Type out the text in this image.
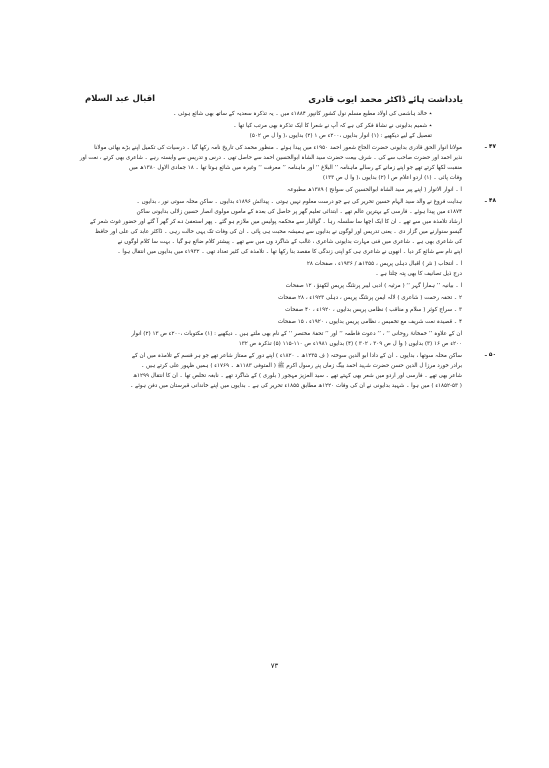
یادداشت ہائے ڈاکٹر محمد ایوب قادری
اقبال عبد السلام
٭ خالد ہاشمی کی اولاد مطبع مسلم نول کشور کانپور ۱۸۸۴ء میں ۔ یہ تذکرہ سعدیہ کے ساتھ بھی شائع ہوئی ۔
٭ شمیم بدایونی نے نشاۃ فکر کی ہے کہ آپ نے شعرا کا ایک تذکرہ بھی مرتب کیا تھا ۔
تفصیل کے لیے دیکھیے : (۱) انوار بدایوں ،۲۰۰ء ص ۱ (۲) بدایوں ،( وا ل ص ۵۰۲)
مولانا انوار الحق قادری بدایونی حضرت الحاج شعور احمد ۱۹۵۰ء میں پیدا ہوئے ۔ منظور محمد کی تاریخ نامہ رکھا گیا ۔ درسیات کی تکمیل اپنے بڑے بھائی مولانا	۴۷ ـ
نذیر احمد اور حضرت صاحب سے کی ۔ شرف بیعت حضرت سید الشاہ ابوالحسین احمد سے حاصل تھی ۔ درس و تدریس سے وابستہ رہے ۔ شاعری بھی کرتے ، نعت اور
منقبت لکھا کرتے تھے جو اپنے زمانے کے رسالے ماہنامہ ’’ البلاغ ‘‘ اور ماہنامہ ’’ معرفت ‘‘ وغیرہ میں شائع ہوتا تھا ۔ ۱۸ جمادی الاول ۱۳۸۰ھ میں
وفات پائی ۔ (۱) اردو اعلام ص ا (۲) بدایوں ،( وا ل ص ۱۳۳)
ا ۔ انوار الانوار ( اپنے پیر سید الشاہ ابوالحسین کی سوانح ) ۱۳۸۹ھ مطبوعہ
ہدایت فروغ نے والد سید الہام حسین تحریر کی ہے جو درست معلوم نہیں ہوتی ۔ پیدائش ۱۸۹۶ء بدایوں ۔ ساکن محلہ سوتی نور ، بدایوں ۔	۴۸ ـ
۱۸۷۴ء میں پیدا ہوئے ۔ فارسی کے بہترین عالم تھے ۔ ابتدائی تعلیم گھر پر حاصل کی بعدہ کے ماموں مولوی انصار حسین زلالی بدایونی ساکن
ارشاد تلامذہ میں سے تھے ۔ ان کا ایک اچھا سا سلسلہ رہا ۔ گوالیار سے محکمہ پولیس میں ملازم ہو گئے ۔ پھر استعفیٰ دے کر گھر آ گئے اور حضور غوث شعر کے
گیسو سنوارنے میں گزار دی ۔ یعنی تدریس اور لوگوں نے بدایوں سے ہمیشہ محبت ہی پائی ۔ ان کی وفات تک یہی حالت رہی ۔ ڈاکٹر عابد کی علی اور حافظ
کی شاعری بھی ہے ۔ شاعری میں فنی مہارت بدایونی شاعری ، غالب کے شاگرد وں میں سے تھے ۔ پیشتر کلام ضائع ہو گیا ۔ بہت سا کلام لوگوں نے
اپنے نام سے شائع کر دیا ۔ انھوں نے شاعری ہی کو اپنی زندگی کا مقصد بنا رکھا تھا ۔ تلامذہ کی کثیر تعداد تھی ۔ ۱۹۳۲ء میں بدایوں میں انتقال ہوا ۔
ا ۔ انتخاب ( نثر ) اقبال دہلی پریس ، ۱۳۵۵ھ / ۱۹۳۶ء ، صفحات ۲۸
درج ذیل تصانیف کا بھی پتہ چلتا ہے ۔
ا ۔ بیانیہ ’’ ہمارا گہر ‘‘ ( مرثیہ ) ادبی لیبر پرنٹنگ پریس لکھنؤ ، ۱۲ صفحات
۲ ۔ تحفہ رحمت ( شاعری ) لالہ ایمن پرنٹنگ پریس ، دہلی ۱۹۲۳ء ، ۲۸ صفحات
۳ ۔ سراج کوثر ( سلام و مناقب ) نظامی پریس بدایوں ، ۱۹۲۰ء ، ۴۰ صفحات
۴ ۔ قصیدہ نعت شریف مع تخمیس ، نظامی پریس بدایوں ، ۱۹۲۰ء ، ۱۵ صفحات
ان کے علاوہ ’’ خمخانۂ روحانی ‘‘ ، ’’ دعوت فاطمہ ‘‘ اور ’’ تحفۂ مختصر ‘‘ کے نام بھی ملتے ہیں ۔ دیکھیے : (۱) مکتوبات ،۲۰۰ء ص ۱۳ (۲) انوار
۲۰۰ء ص ۱۶ (۳) بدایوں ( وا ل ص ۳۰۹ ، ۳۰۲ ) (۴) بدایوں ۱۹۸۱ء ص ۱۱۰-۱۱۵ (۵) تذکرہ ص ۱۳۲
ساکن محلہ سوتھا ، بدایوں ۔ ان کے دادا ابو الدین سوختہ ( ف ۱۲۳۵ھ ۔ ۱۸۲۰ء ) اپنے دور کے ممتاز شاعر تھے جو ہر قسم کے تلامذہ میں ان کے	۵۰ ـ
برادر خورد مرزا ل الدین حسن حضرت شہید احمد بیگ زماں پنے رسول اکرم ﷺ ( المتوفی ۱۱۸۳ھ ۔ ۱۷۶۹ء ) ہمیں ظہور علی کرتے ہیں ۔
شاعر بھی تھے ۔ فارسی اور اردو میں شعر بھی کہتے تھے ۔ سید العزیز مہجور ( بلوری ) کے شاگرد تھے ۔ نابغہ تخلص تھا ۔ ان کا انتقال ۱۲۹۹ھ
( ۱۸۵۲-۵۳ء ) میں ہوا ۔ شہید بدایونی نے ان کی وفات ۱۲۲۰ھ مطابق ۱۸۵۵ء تحریر کی ہے ۔ بدایوں میں اپنے خاندانی قبرستان میں دفن ہوئے ۔
۷۳
